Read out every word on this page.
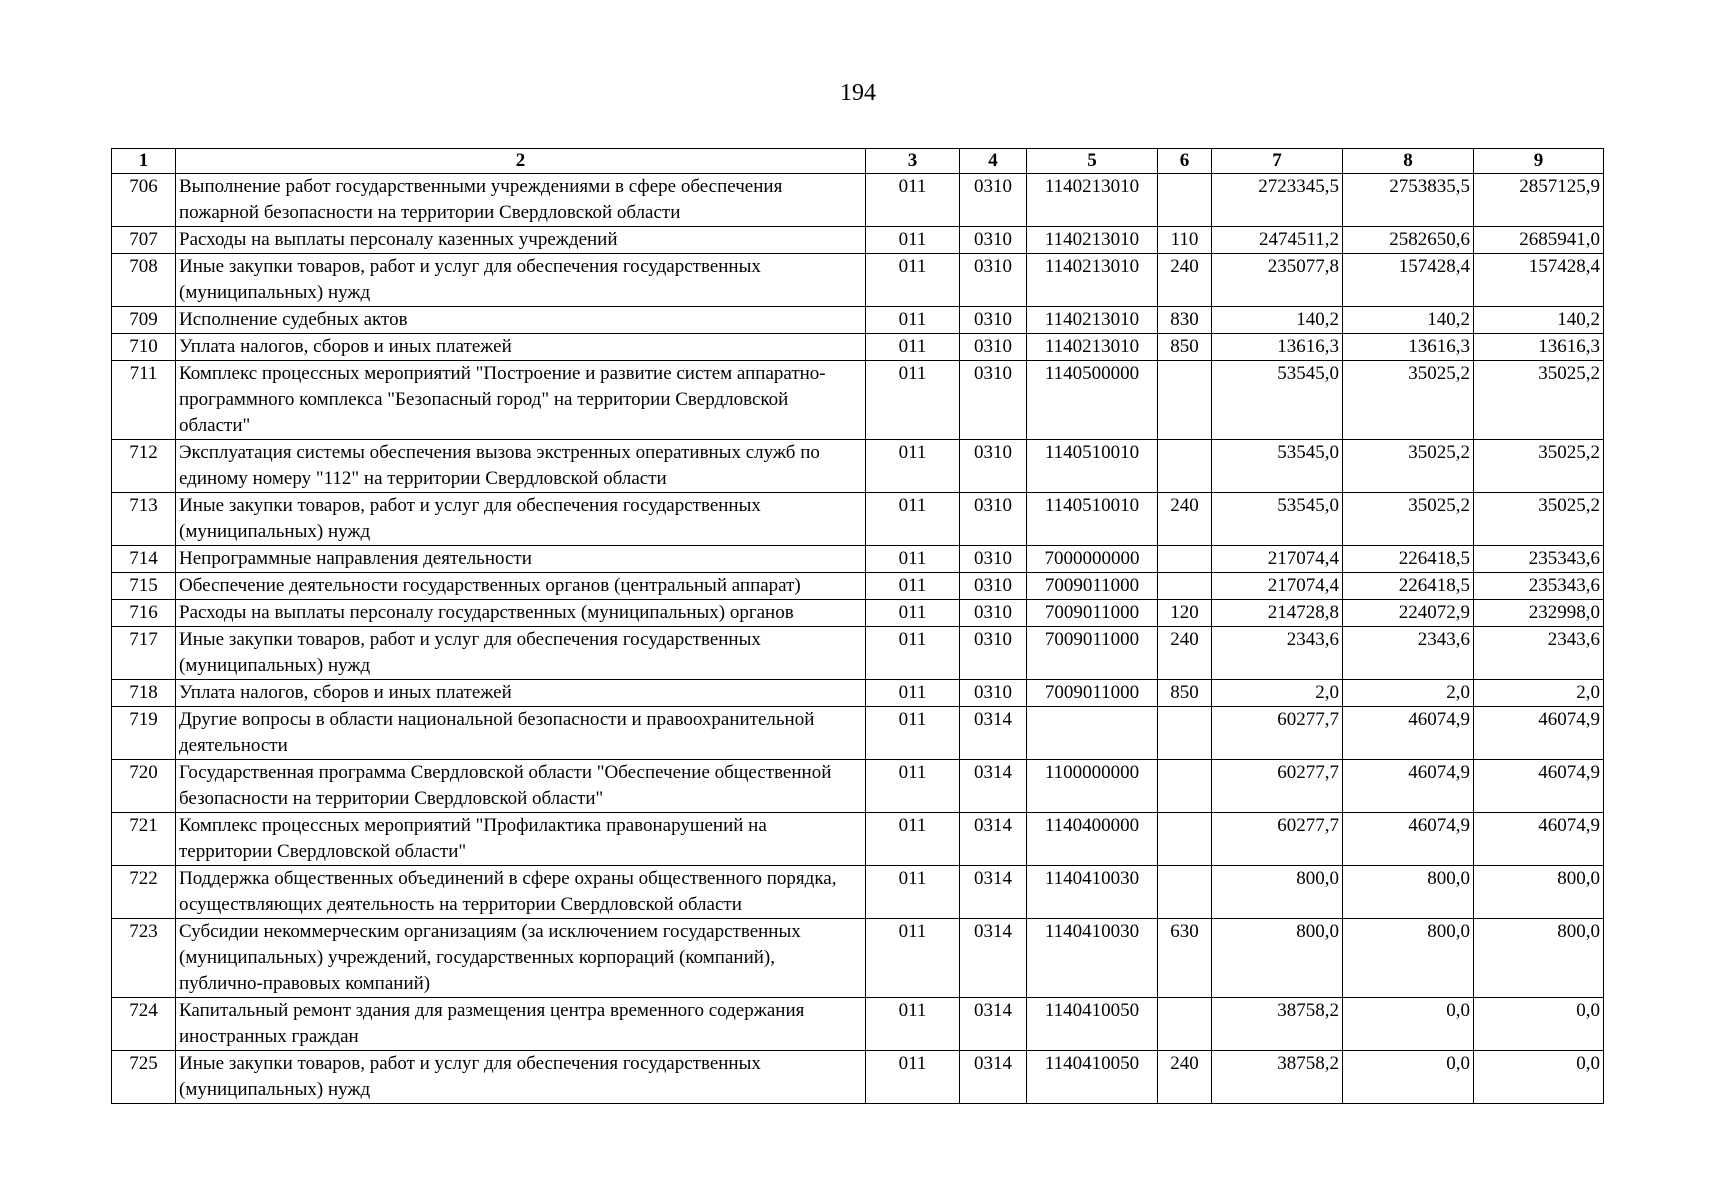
194
1	2	3	4	5	6	7	8	9
706	Выполнение работ государственными учреждениями в сфере обеспечения пожарной безопасности на территории Свердловской области	011	0310	1140213010		2723345,5	2753835,5	2857125,9
707	Расходы на выплаты персоналу казенных учреждений	011	0310	1140213010	110	2474511,2	2582650,6	2685941,0
708	Иные закупки товаров, работ и услуг для обеспечения государственных (муниципальных) нужд	011	0310	1140213010	240	235077,8	157428,4	157428,4
709	Исполнение судебных актов	011	0310	1140213010	830	140,2	140,2	140,2
710	Уплата налогов, сборов и иных платежей	011	0310	1140213010	850	13616,3	13616,3	13616,3
711	Комплекс процессных мероприятий "Построение и развитие систем аппаратно-программного комплекса "Безопасный город" на территории Свердловской области"	011	0310	1140500000		53545,0	35025,2	35025,2
712	Эксплуатация системы обеспечения вызова экстренных оперативных служб по единому номеру "112" на территории Свердловской области	011	0310	1140510010		53545,0	35025,2	35025,2
713	Иные закупки товаров, работ и услуг для обеспечения государственных (муниципальных) нужд	011	0310	1140510010	240	53545,0	35025,2	35025,2
714	Непрограммные направления деятельности	011	0310	7000000000		217074,4	226418,5	235343,6
715	Обеспечение деятельности государственных органов (центральный аппарат)	011	0310	7009011000		217074,4	226418,5	235343,6
716	Расходы на выплаты персоналу государственных (муниципальных) органов	011	0310	7009011000	120	214728,8	224072,9	232998,0
717	Иные закупки товаров, работ и услуг для обеспечения государственных (муниципальных) нужд	011	0310	7009011000	240	2343,6	2343,6	2343,6
718	Уплата налогов, сборов и иных платежей	011	0310	7009011000	850	2,0	2,0	2,0
719	Другие вопросы в области национальной безопасности и правоохранительной деятельности	011	0314			60277,7	46074,9	46074,9
720	Государственная программа Свердловской области "Обеспечение общественной безопасности на территории Свердловской области"	011	0314	1100000000		60277,7	46074,9	46074,9
721	Комплекс процессных мероприятий "Профилактика правонарушений на территории Свердловской области"	011	0314	1140400000		60277,7	46074,9	46074,9
722	Поддержка общественных объединений в сфере охраны общественного порядка, осуществляющих деятельность на территории Свердловской области	011	0314	1140410030		800,0	800,0	800,0
723	Субсидии некоммерческим организациям (за исключением государственных (муниципальных) учреждений, государственных корпораций (компаний), публично-правовых компаний)	011	0314	1140410030	630	800,0	800,0	800,0
724	Капитальный ремонт здания для размещения центра временного содержания иностранных граждан	011	0314	1140410050		38758,2	0,0	0,0
725	Иные закупки товаров, работ и услуг для обеспечения государственных (муниципальных) нужд	011	0314	1140410050	240	38758,2	0,0	0,0
